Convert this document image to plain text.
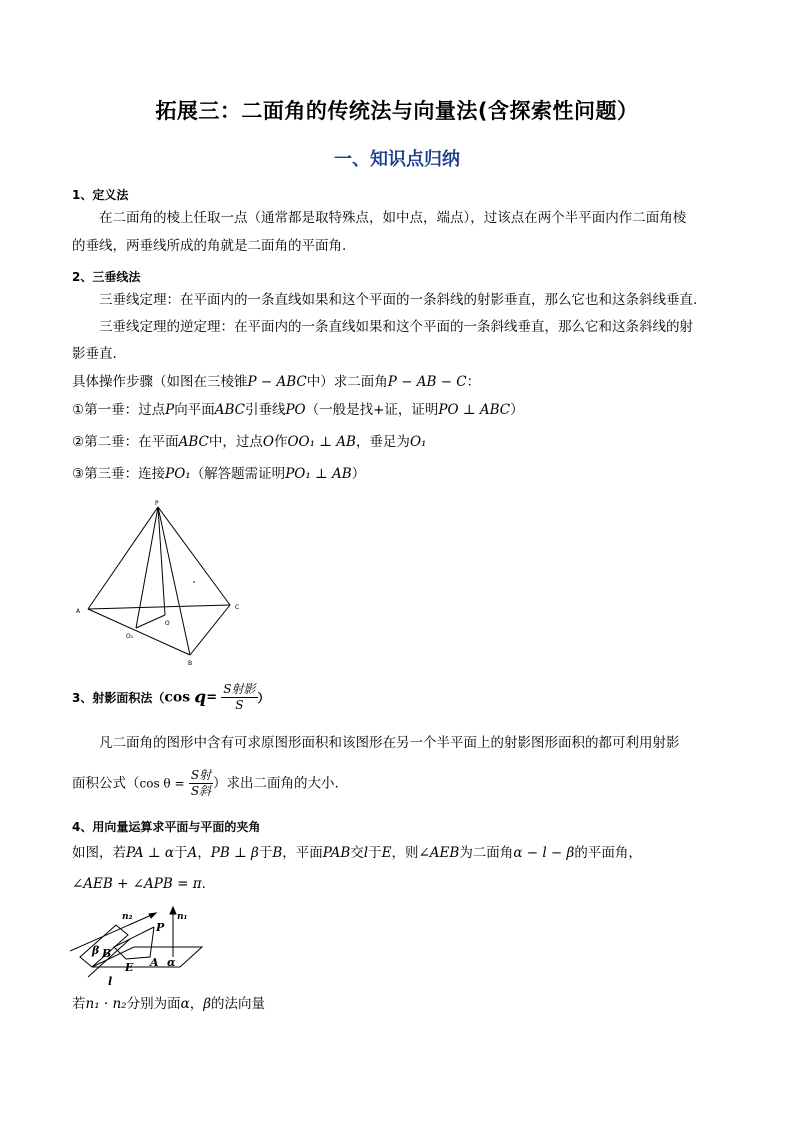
拓展三：二面角的传统法与向量法(含探索性问题）
一、知识点归纳
1、定义法
在二面角的棱上任取一点（通常都是取特殊点，如中点，端点），过该点在两个半平面内作二面角棱
的垂线，两垂线所成的角就是二面角的平面角.
2、三垂线法
三垂线定理：在平面内的一条直线如果和这个平面的一条斜线的射影垂直，那么它也和这条斜线垂直.
三垂线定理的逆定理：在平面内的一条直线如果和这个平面的一条斜线垂直，那么它和这条斜线的射
影垂直.
具体操作步骤（如图在三棱锥P − ABC中）求二面角P − AB − C：
①第一垂：过点P向平面ABC引垂线PO（一般是找+证，证明PO ⊥ ABC）
②第二垂：在平面ABC中，过点O作OO₁ ⊥ AB，垂足为O₁
③第三垂：连接PO₁（解答题需证明PO₁ ⊥ AB）
P
A
C
B
O
O₁
3、射影面积法（cos $q= \frac{\text{S射影}}{S}$ ）
凡二面角的图形中含有可求原图形面积和该图形在另一个半平面上的射影图形面积的都可利用射影
面积公式（cos $\theta = \frac{\text{S射}}{\text{S斜}}$ ）求出二面角的大小.
4、用向量运算求平面与平面的夹角
如图，若PA ⊥ α于A，PB ⊥ β于B，平面PAB交l于E，则∠AEB为二面角α − l − β的平面角，
∠AEB + ∠APB = π.
n₂	n₁
P
β B
E A α
l
若n₁ · n₂分别为面α，β的法向量
